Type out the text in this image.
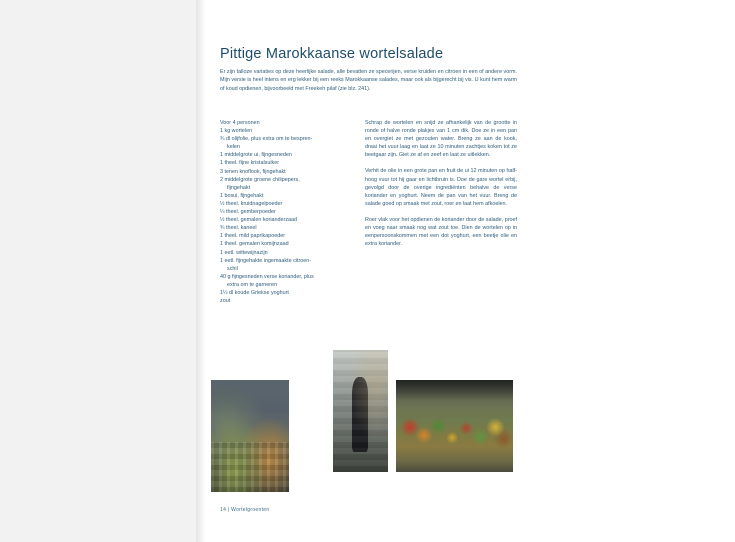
Pittige Marokkaanse wortelsalade
Er zijn talloze variaties op deze heerlijke salade, alle bevatten ze specerijen, verse kruiden en citroen in een of andere vorm. Mijn versie is heel intens en erg lekker bij een reeks Marokkaanse salades, maar ook als bijgerecht bij vis. U kunt hem warm of koud opdienen, bijvoorbeeld met Freekeh pilaf (zie blz. 241).
Voor 4 personen
1 kg wortelen
¾ dl olijfolie, plus extra om te bespren-
kelen
1 middelgrote ui, fijngesneden
1 theel. fijne kristalsuiker
3 tenen knoflook, fijngehakt
2 middelgrote groene chilipepers,
fijngehakt
1 bosui, fijngehakt
½ theel. kruidnagelpoeder
¼ theel. gemberpoeder
½ theel. gemalen korianderzaad
¾ theel. kaneel
1 theel. mild paprikapoeder
1 theel. gemalen komijnzaad
1 eetl. wittewijnazijn
1 eetl. fijngehakte ingemaakte citroen-
schil
40 g fijngesneden verse koriander, plus
extra om te garneren
1¼ dl koude Griekse yoghurt
zout

Schrap de wortelen en snijd ze afhankelijk van de grootte in ronde of halve ronde plakjes van 1 cm dik. Doe ze in een pan en overgiet ze met gezouten water. Breng ze aan de kook, draai het vuur laag en laat ze 10 minuten zachtjes koken tot ze beetgaar zijn. Giet ze af en zeef en laat ze uitlekken.

Verhit de olie in een grote pan en fruit de ui 12 minuten op half-hoog vuur tot hij gaar en lichtbruin is. Doe de gare wortel erbij, gevolgd door de overige ingrediënten behalve de verse koriander en yoghurt. Neem de pan van het vuur. Breng de salade goed op smaak met zout, roer en laat hem afkoelen.

Roer vlak voor het opdienen de koriander door de salade, proef en voeg naar smaak nog wat zout toe. Dien de wortelen op in eenpersoonskommen met een dot yoghurt, een beetje olie en extra koriander.

14 | Wortelgroenten
